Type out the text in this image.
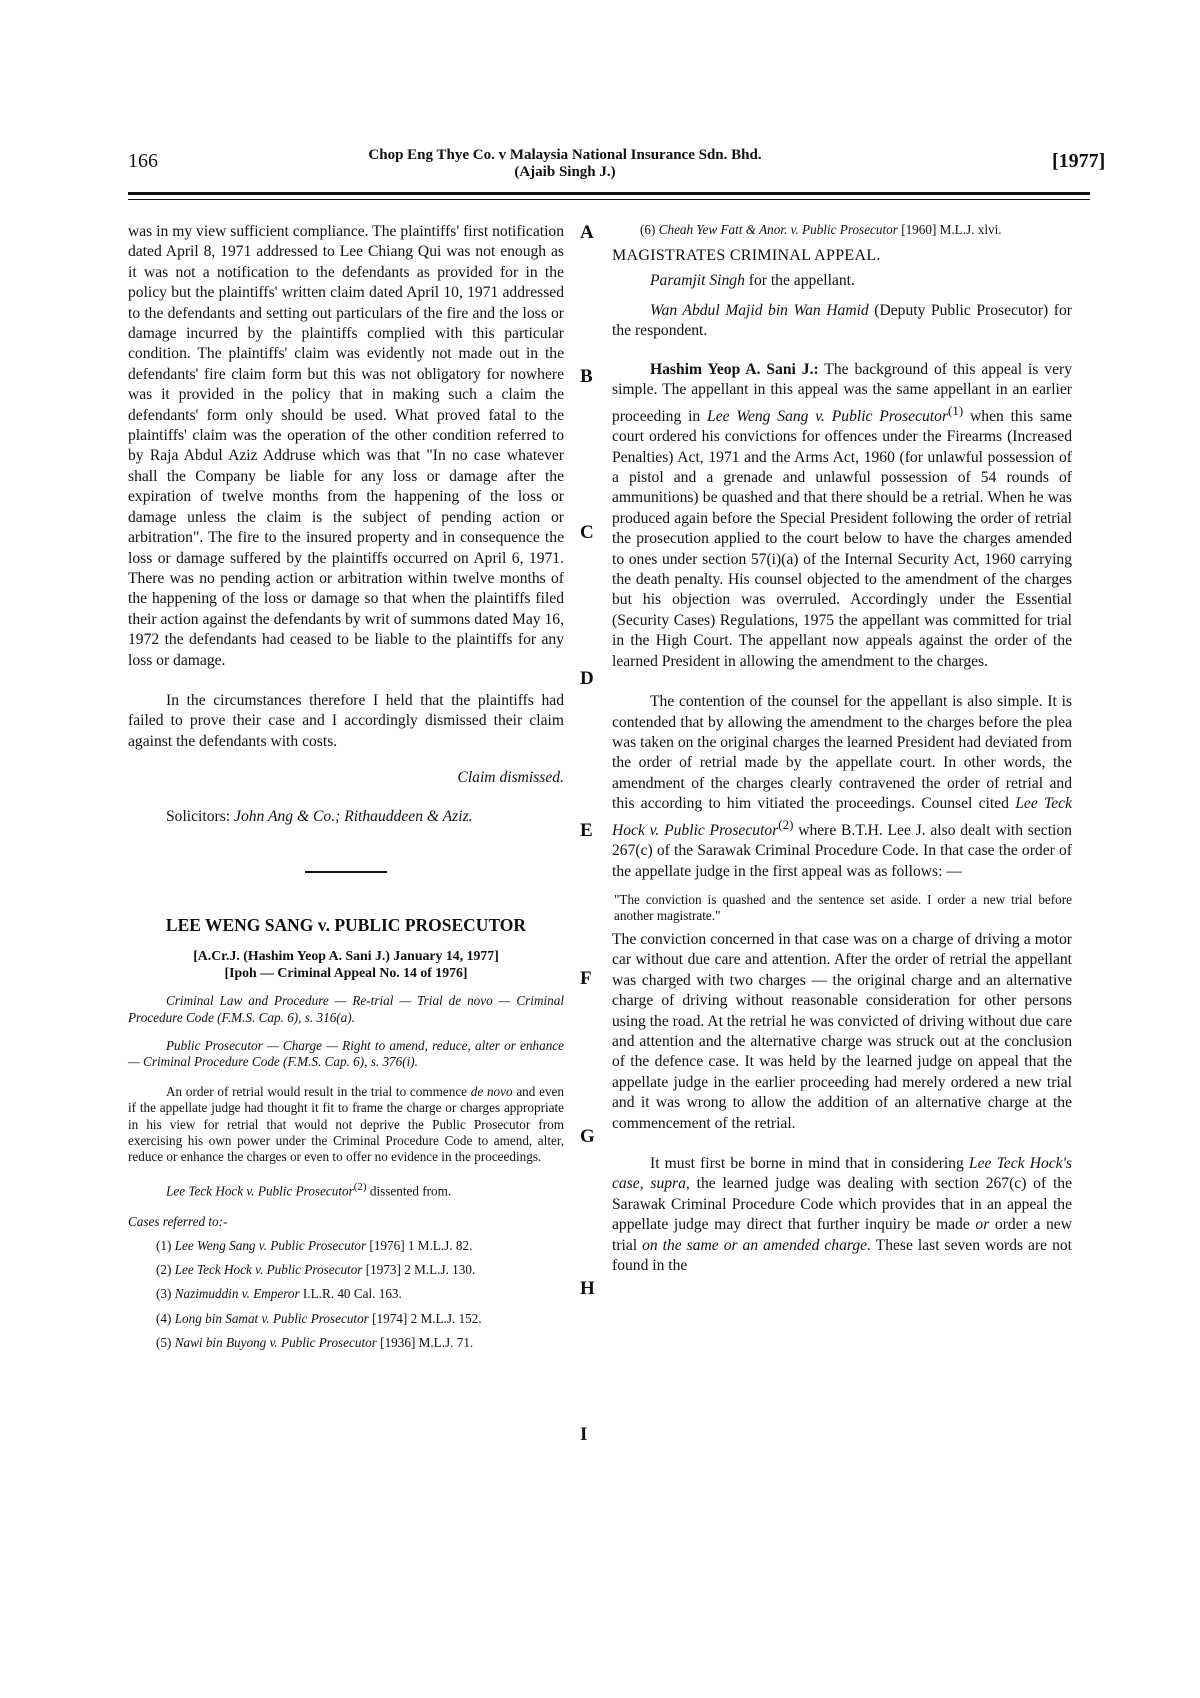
166	Chop Eng Thye Co. v Malaysia National Insurance Sdn. Bhd.
(Ajaib Singh J.)	[1977]

was in my view sufficient compliance. The plaintiffs' first notification dated April 8, 1971 addressed to Lee Chiang Qui was not enough as it was not a notification to the defendants as provided for in the policy but the plaintiffs' written claim dated April 10, 1971 addressed to the defendants and setting out particulars of the fire and the loss or damage incurred by the plaintiffs complied with this particular condition. The plaintiffs' claim was evidently not made out in the defendants' fire claim form but this was not obligatory for nowhere was it provided in the policy that in making such a claim the defendants' form only should be used. What proved fatal to the plaintiffs' claim was the operation of the other condition referred to by Raja Abdul Aziz Addruse which was that "In no case whatever shall the Company be liable for any loss or damage after the expiration of twelve months from the happening of the loss or damage unless the claim is the subject of pending action or arbitration". The fire to the insured property and in consequence the loss or damage suffered by the plaintiffs occurred on April 6, 1971. There was no pending action or arbitration within twelve months of the happening of the loss or damage so that when the plaintiffs filed their action against the defendants by writ of summons dated May 16, 1972 the defendants had ceased to be liable to the plaintiffs for any loss or damage.

In the circumstances therefore I held that the plaintiffs had failed to prove their case and I accordingly dismissed their claim against the defendants with costs.

Claim dismissed.

Solicitors: John Ang & Co.; Rithauddeen & Aziz.

LEE WENG SANG v. PUBLIC PROSECUTOR
[A.Cr.J. (Hashim Yeop A. Sani J.) January 14, 1977]
[Ipoh — Criminal Appeal No. 14 of 1976]

Criminal Law and Procedure — Re-trial — Trial de novo — Criminal Procedure Code (F.M.S. Cap. 6), s. 316(a).

Public Prosecutor — Charge — Right to amend, reduce, alter or enhance — Criminal Procedure Code (F.M.S. Cap. 6), s. 376(i).

An order of retrial would result in the trial to commence de novo and even if the appellate judge had thought it fit to frame the charge or charges appropriate in his view for retrial that would not deprive the Public Prosecutor from exercising his own power under the Criminal Procedure Code to amend, alter, reduce or enhance the charges or even to offer no evidence in the proceedings.

Lee Teck Hock v. Public Prosecutor$^{(2)}$ dissented from.

Cases referred to:-

(1) Lee Weng Sang v. Public Prosecutor [1976] 1 M.L.J. 82.

(2) Lee Teck Hock v. Public Prosecutor [1973] 2 M.L.J. 130.

(3) Nazimuddin v. Emperor I.L.R. 40 Cal. 163.

(4) Long bin Samat v. Public Prosecutor [1974] 2 M.L.J. 152.

(5) Nawi bin Buyong v. Public Prosecutor [1936] M.L.J. 71.

A
B
C
D
E
F
G
H
I

(6) Cheah Yew Fatt & Anor. v. Public Prosecutor [1960] M.L.J. xlvi.

MAGISTRATES CRIMINAL APPEAL.

Paramjit Singh for the appellant.

Wan Abdul Majid bin Wan Hamid (Deputy Public Prosecutor) for the respondent.

Hashim Yeop A. Sani J.: The background of this appeal is very simple. The appellant in this appeal was the same appellant in an earlier proceeding in Lee Weng Sang v. Public Prosecutor$^{(1)}$ when this same court ordered his convictions for offences under the Firearms (Increased Penalties) Act, 1971 and the Arms Act, 1960 (for unlawful possession of a pistol and a grenade and unlawful possession of 54 rounds of ammunitions) be quashed and that there should be a retrial. When he was produced again before the Special President following the order of retrial the prosecution applied to the court below to have the charges amended to ones under section 57(i)(a) of the Internal Security Act, 1960 carrying the death penalty. His counsel objected to the amendment of the charges but his objection was overruled. Accordingly under the Essential (Security Cases) Regulations, 1975 the appellant was committed for trial in the High Court. The appellant now appeals against the order of the learned President in allowing the amendment to the charges.

The contention of the counsel for the appellant is also simple. It is contended that by allowing the amendment to the charges before the plea was taken on the original charges the learned President had deviated from the order of retrial made by the appellate court. In other words, the amendment of the charges clearly contravened the order of retrial and this according to him vitiated the proceedings. Counsel cited Lee Teck Hock v. Public Prosecutor$^{(2)}$ where B.T.H. Lee J. also dealt with section 267(c) of the Sarawak Criminal Procedure Code. In that case the order of the appellate judge in the first appeal was as follows: —

"The conviction is quashed and the sentence set aside. I order a new trial before another magistrate."

The conviction concerned in that case was on a charge of driving a motor car without due care and attention. After the order of retrial the appellant was charged with two charges — the original charge and an alternative charge of driving without reasonable consideration for other persons using the road. At the retrial he was convicted of driving without due care and attention and the alternative charge was struck out at the conclusion of the defence case. It was held by the learned judge on appeal that the appellate judge in the earlier proceeding had merely ordered a new trial and it was wrong to allow the addition of an alternative charge at the commencement of the retrial.

It must first be borne in mind that in considering Lee Teck Hock's case, supra, the learned judge was dealing with section 267(c) of the Sarawak Criminal Procedure Code which provides that in an appeal the appellate judge may direct that further inquiry be made or order a new trial on the same or an amended charge. These last seven words are not found in the
